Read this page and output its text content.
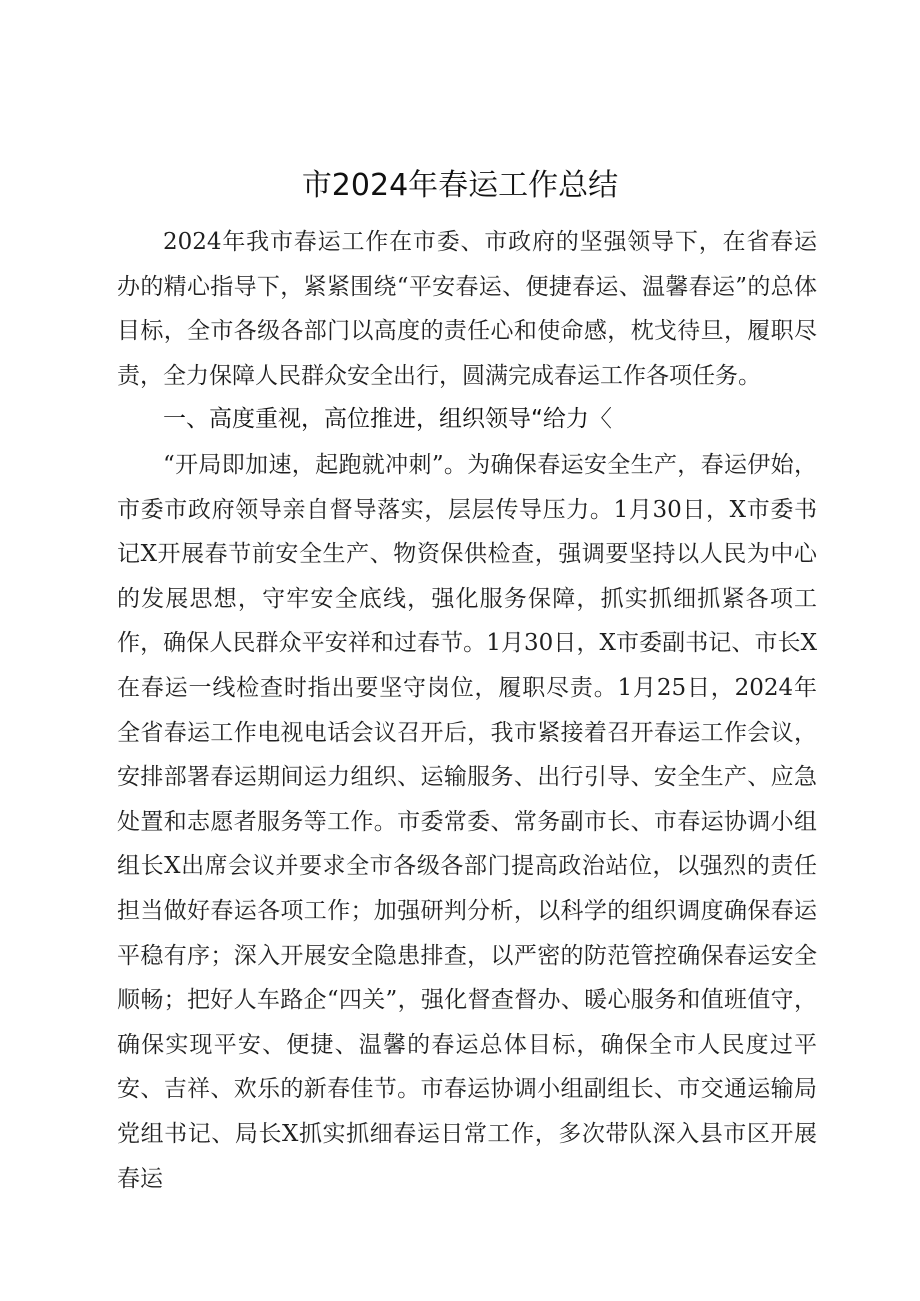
市2024年春运工作总结

2024年我市春运工作在市委、市政府的坚强领导下，在省春运办的精心指导下，紧紧围绕“平安春运、便捷春运、温馨春运”的总体目标，全市各级各部门以高度的责任心和使命感，枕戈待旦，履职尽责，全力保障人民群众安全出行，圆满完成春运工作各项任务。

一、高度重视，高位推进，组织领导“给力〈

“开局即加速，起跑就冲刺”。为确保春运安全生产，春运伊始，市委市政府领导亲自督导落实，层层传导压力。1月30日，X市委书记X开展春节前安全生产、物资保供检查，强调要坚持以人民为中心的发展思想，守牢安全底线，强化服务保障，抓实抓细抓紧各项工作，确保人民群众平安祥和过春节。1月30日，X市委副书记、市长X在春运一线检查时指出要坚守岗位，履职尽责。1月25日，2024年全省春运工作电视电话会议召开后，我市紧接着召开春运工作会议，安排部署春运期间运力组织、运输服务、出行引导、安全生产、应急处置和志愿者服务等工作。市委常委、常务副市长、市春运协调小组组长X出席会议并要求全市各级各部门提高政治站位，以强烈的责任担当做好春运各项工作；加强研判分析，以科学的组织调度确保春运平稳有序；深入开展安全隐患排查，以严密的防范管控确保春运安全顺畅；把好人车路企“四关”，强化督查督办、暖心服务和值班值守，确保实现平安、便捷、温馨的春运总体目标，确保全市人民度过平安、吉祥、欢乐的新春佳节。市春运协调小组副组长、市交通运输局党组书记、局长X抓实抓细春运日常工作，多次带队深入县市区开展春运
